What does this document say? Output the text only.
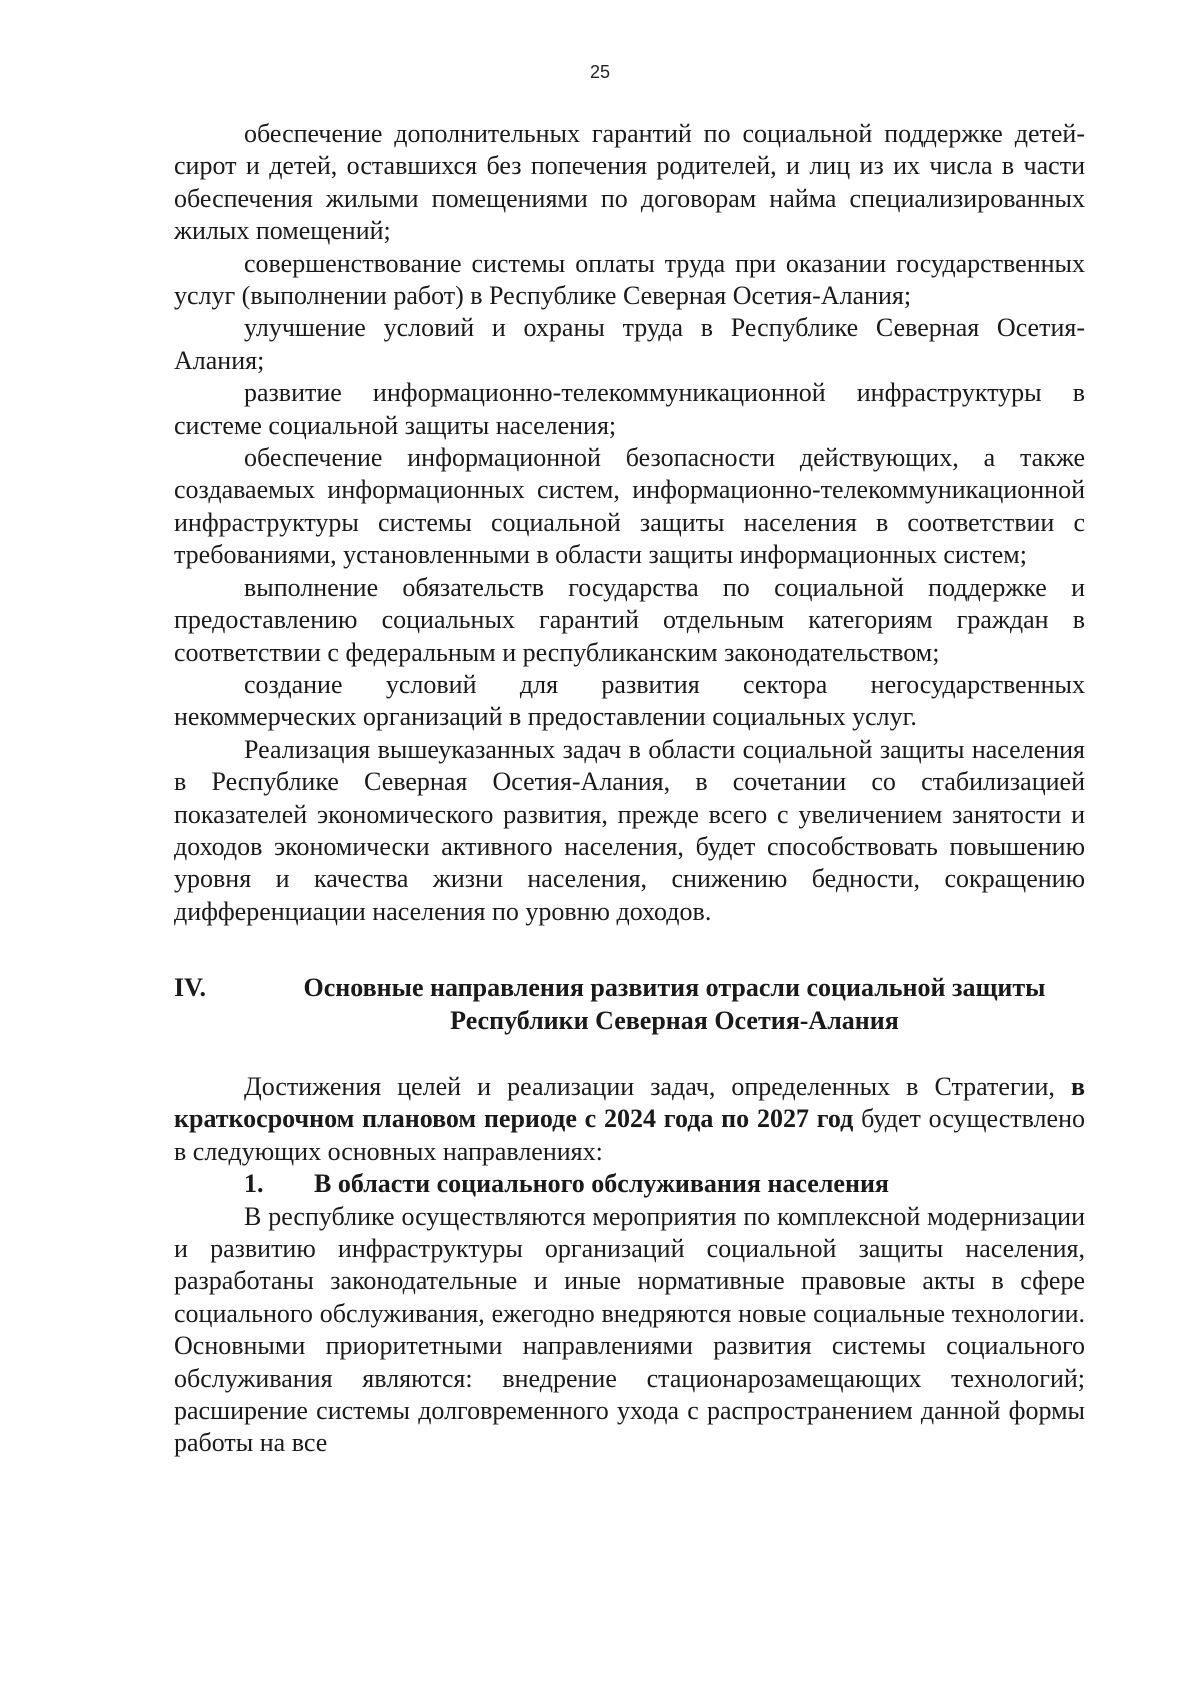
25

обеспечение дополнительных гарантий по социальной поддержке детей-сирот и детей, оставшихся без попечения родителей, и лиц из их числа в части обеспечения жилыми помещениями по договорам найма специализированных жилых помещений;

совершенствование системы оплаты труда при оказании государственных услуг (выполнении работ) в Республике Северная Осетия-Алания;

улучшение условий и охраны труда в Республике Северная Осетия-Алания;

развитие информационно-телекоммуникационной инфраструктуры в системе социальной защиты населения;

обеспечение информационной безопасности действующих, а также создаваемых информационных систем, информационно-телекоммуникационной инфраструктуры системы социальной защиты населения в соответствии с требованиями, установленными в области защиты информационных систем;

выполнение обязательств государства по социальной поддержке и предоставлению социальных гарантий отдельным категориям граждан в соответствии с федеральным и республиканским законодательством;

создание условий для развития сектора негосударственных некоммерческих организаций в предоставлении социальных услуг.

Реализация вышеуказанных задач в области социальной защиты населения в Республике Северная Осетия-Алания, в сочетании со стабилизацией показателей экономического развития, прежде всего с увеличением занятости и доходов экономически активного населения, будет способствовать повышению уровня и качества жизни населения, снижению бедности, сокращению дифференциации населения по уровню доходов.

IV.	Основные направления развития отрасли социальной защиты
Республики Северная Осетия-Алания

Достижения целей и реализации задач, определенных в Стратегии, в краткосрочном плановом периоде с 2024 года по 2027 год будет осуществлено в следующих основных направлениях:

1.	В области социального обслуживания населения

В республике осуществляются мероприятия по комплексной модернизации и развитию инфраструктуры организаций социальной защиты населения, разработаны законодательные и иные нормативные правовые акты в сфере социального обслуживания, ежегодно внедряются новые социальные технологии. Основными приоритетными направлениями развития системы социального обслуживания являются: внедрение стационарозамещающих технологий; расширение системы долговременного ухода с распространением данной формы работы на все
